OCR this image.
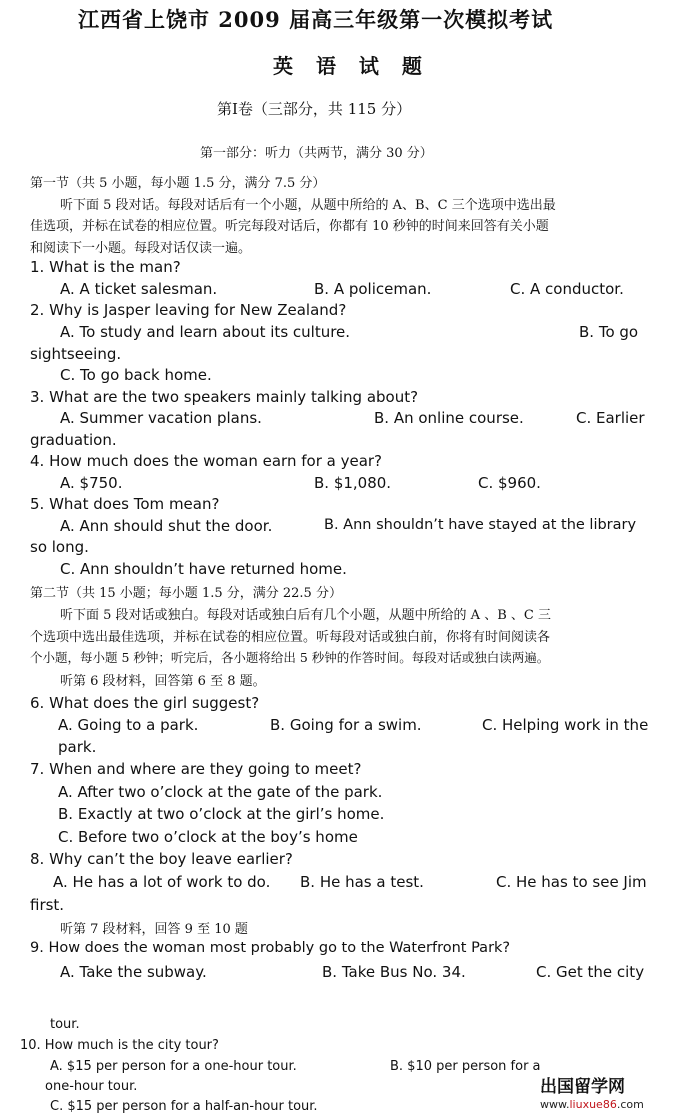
江西省上饶市 2009 届高三年级第一次模拟考试
英 语 试 题
第Ⅰ卷（三部分，共 115 分）
第一部分：听力（共两节，满分 30 分）
第一节（共 5 小题，每小题 1.5 分，满分 7.5 分）
听下面 5 段对话。每段对话后有一个小题，从题中所给的 A、B、C 三个选项中选出最
佳选项，并标在试卷的相应位置。听完每段对话后，你都有 10 秒钟的时间来回答有关小题
和阅读下一小题。每段对话仅读一遍。
1. What is the man?
A. A ticket salesman.	B. A policeman.	C. A conductor.
2. Why is Jasper leaving for New Zealand?
A. To study and learn about its culture.	B. To go
sightseeing.
C. To go back home.
3. What are the two speakers mainly talking about?
A. Summer vacation plans.	B. An online course.	C. Earlier
graduation.
4. How much does the woman earn for a year?
A. $750.	B. $1,080.	C. $960.
5. What does Tom mean?
A. Ann should shut the door.	B. Ann shouldn’t have stayed at the library
so long.
C. Ann shouldn’t have returned home.
第二节（共 15 小题；每小题 1.5 分，满分 22.5 分）
听下面 5 段对话或独白。每段对话或独白后有几个小题，从题中所给的 A 、B 、C 三
个选项中选出最佳选项，并标在试卷的相应位置。听每段对话或独白前，你将有时间阅读各
个小题，每小题 5 秒钟；听完后，各小题将给出 5 秒钟的作答时间。每段对话或独白读两遍。
听第 6 段材料，回答第 6 至 8 题。
6. What does the girl suggest?
A. Going to a park.	B. Going for a swim.	C. Helping work in the
park.
7. When and where are they going to meet?
A. After two o’clock at the gate of the park.
B. Exactly at two o’clock at the girl’s home.
C. Before two o’clock at the boy’s home
8. Why can’t the boy leave earlier?
A. He has a lot of work to do. B. He has a test.	C. He has to see Jim
first.
听第 7 段材料，回答 9 至 10 题
9. How does the woman most probably go to the Waterfront Park?
A. Take the subway.	B. Take Bus No. 34.	C. Get the city
tour.
10. How much is the city tour?
A. $15 per person for a one-hour tour.	B. $10 per person for a
one-hour tour.
C. $15 per person for a half-an-hour tour.
出国留学网
www.liuxue86.com
